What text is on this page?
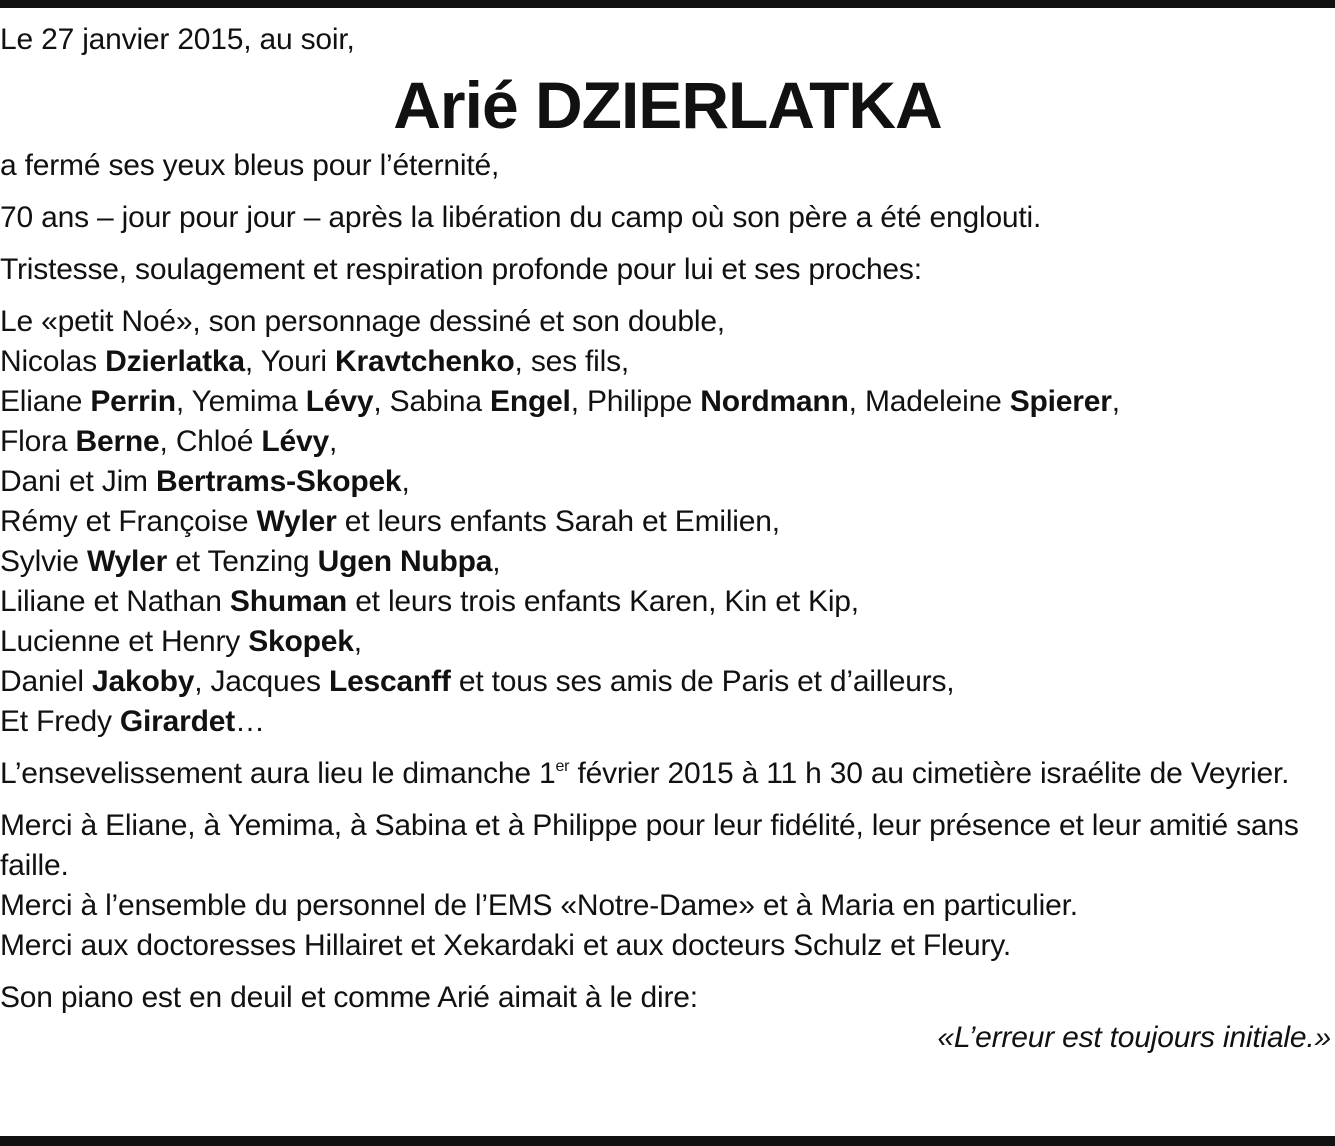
Le 27 janvier 2015, au soir,

Arié DZIERLATKA

a fermé ses yeux bleus pour l’éternité,

70 ans – jour pour jour – après la libération du camp où son père a été englouti.

Tristesse, soulagement et respiration profonde pour lui et ses proches:

Le «petit Noé», son personnage dessiné et son double,

Nicolas Dzierlatka, Youri Kravtchenko, ses fils,

Eliane Perrin, Yemima Lévy, Sabina Engel, Philippe Nordmann, Madeleine Spierer,

Flora Berne, Chloé Lévy,

Dani et Jim Bertrams-Skopek,

Rémy et Françoise Wyler et leurs enfants Sarah et Emilien,

Sylvie Wyler et Tenzing Ugen Nubpa,

Liliane et Nathan Shuman et leurs trois enfants Karen, Kin et Kip,

Lucienne et Henry Skopek,

Daniel Jakoby, Jacques Lescanff et tous ses amis de Paris et d’ailleurs,

Et Fredy Girardet…

L’ensevelissement aura lieu le dimanche 1er février 2015 à 11 h 30 au cimetière israélite de Veyrier.

Merci à Eliane, à Yemima, à Sabina et à Philippe pour leur fidélité, leur présence et leur amitié sans faille.

Merci à l’ensemble du personnel de l’EMS «Notre-Dame» et à Maria en particulier.

Merci aux doctoresses Hillairet et Xekardaki et aux docteurs Schulz et Fleury.

Son piano est en deuil et comme Arié aimait à le dire:

«L’erreur est toujours initiale.»
